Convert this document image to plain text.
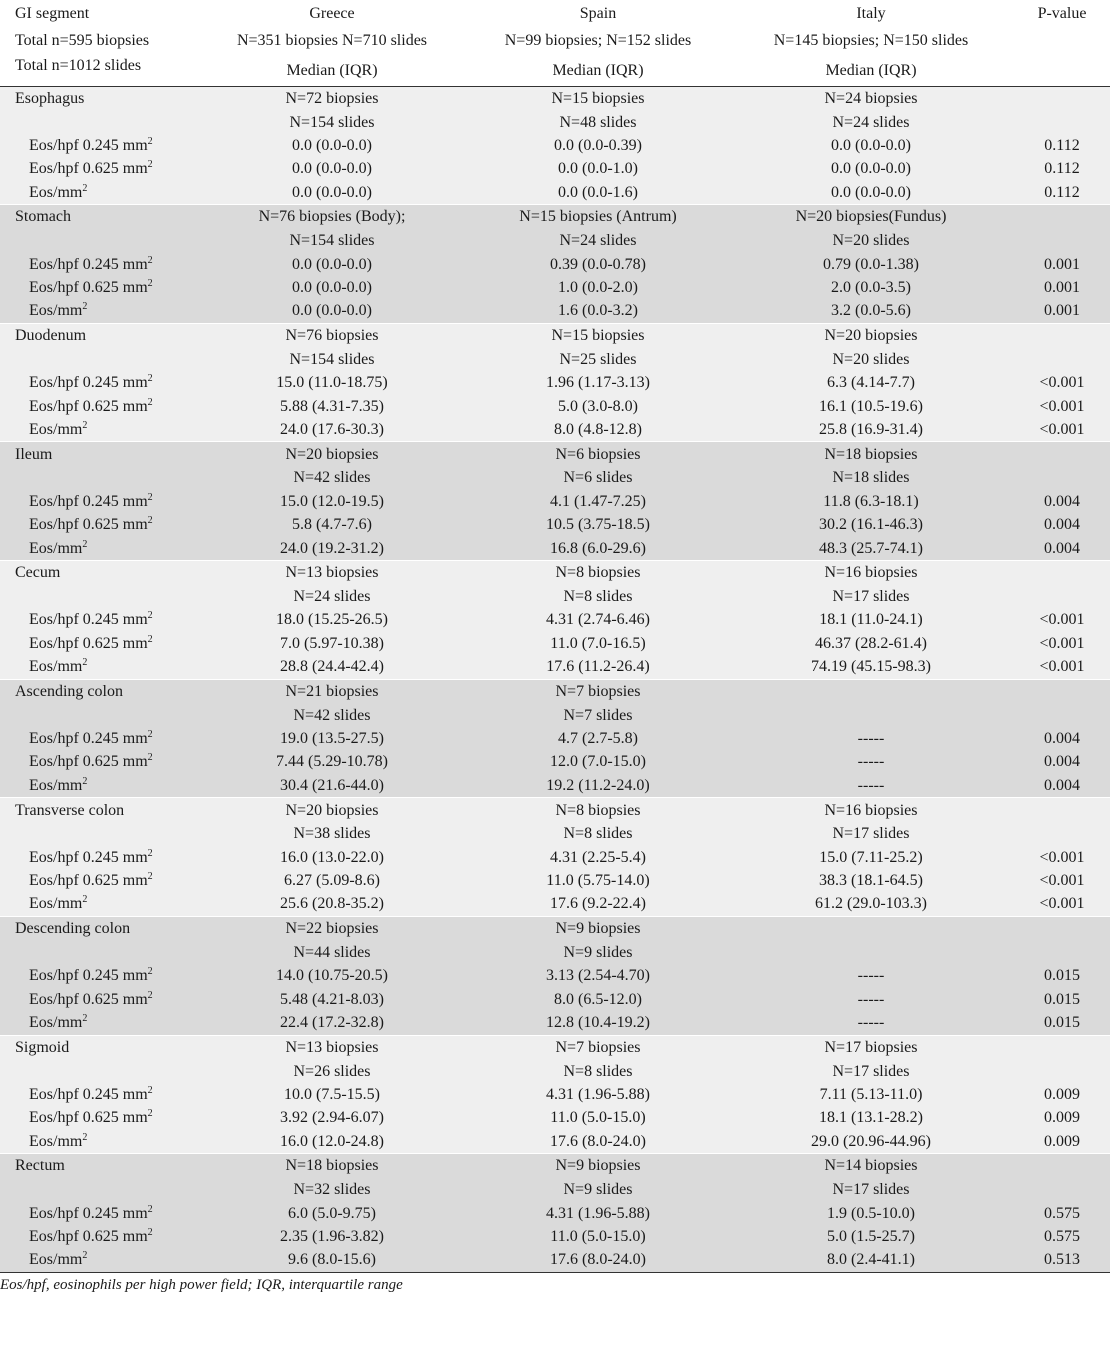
GI segment	Greece	Spain	Italy	P-value
Total n=595 biopsies	N=351 biopsies N=710 slides	N=99 biopsies; N=152 slides	N=145 biopsies; N=150 slides	
Total n=1012 slides	Median (IQR)	Median (IQR)	Median (IQR)	
Esophagus	N=72 biopsies	N=15 biopsies	N=24 biopsies	
	N=154 slides	N=48 slides	N=24 slides	
Eos/hpf 0.245 $mm^2$	0.0 (0.0-0.0)	0.0 (0.0-0.39)	0.0 (0.0-0.0)	0.112
Eos/hpf 0.625 $mm^2$	0.0 (0.0-0.0)	0.0 (0.0-1.0)	0.0 (0.0-0.0)	0.112
Eos/$mm^2$	0.0 (0.0-0.0)	0.0 (0.0-1.6)	0.0 (0.0-0.0)	0.112

Stomach	N=76 biopsies (Body);	N=15 biopsies (Antrum)	N=20 biopsies(Fundus)	
	N=154 slides	N=24 slides	N=20 slides	
Eos/hpf 0.245 $mm^2$	0.0 (0.0-0.0)	0.39 (0.0-0.78)	0.79 (0.0-1.38)	0.001
Eos/hpf 0.625 $mm^2$	0.0 (0.0-0.0)	1.0 (0.0-2.0)	2.0 (0.0-3.5)	0.001
Eos/$mm^2$	0.0 (0.0-0.0)	1.6 (0.0-3.2)	3.2 (0.0-5.6)	0.001

Duodenum	N=76 biopsies	N=15 biopsies	N=20 biopsies	
	N=154 slides	N=25 slides	N=20 slides	
Eos/hpf 0.245 $mm^2$	15.0 (11.0-18.75)	1.96 (1.17-3.13)	6.3 (4.14-7.7)	<0.001
Eos/hpf 0.625 $mm^2$	5.88 (4.31-7.35)	5.0 (3.0-8.0)	16.1 (10.5-19.6)	<0.001
Eos/$mm^2$	24.0 (17.6-30.3)	8.0 (4.8-12.8)	25.8 (16.9-31.4)	<0.001

Ileum	N=20 biopsies	N=6 biopsies	N=18 biopsies	
	N=42 slides	N=6 slides	N=18 slides	
Eos/hpf 0.245 $mm^2$	15.0 (12.0-19.5)	4.1 (1.47-7.25)	11.8 (6.3-18.1)	0.004
Eos/hpf 0.625 $mm^2$	5.8 (4.7-7.6)	10.5 (3.75-18.5)	30.2 (16.1-46.3)	0.004
Eos/$mm^2$	24.0 (19.2-31.2)	16.8 (6.0-29.6)	48.3 (25.7-74.1)	0.004

Cecum	N=13 biopsies	N=8 biopsies	N=16 biopsies	
	N=24 slides	N=8 slides	N=17 slides	
Eos/hpf 0.245 $mm^2$	18.0 (15.25-26.5)	4.31 (2.74-6.46)	18.1 (11.0-24.1)	<0.001
Eos/hpf 0.625 $mm^2$	7.0 (5.97-10.38)	11.0 (7.0-16.5)	46.37 (28.2-61.4)	<0.001
Eos/$mm^2$	28.8 (24.4-42.4)	17.6 (11.2-26.4)	74.19 (45.15-98.3)	<0.001

Ascending colon	N=21 biopsies	N=7 biopsies		
	N=42 slides	N=7 slides		
Eos/hpf 0.245 $mm^2$	19.0 (13.5-27.5)	4.7 (2.7-5.8)	-----	0.004
Eos/hpf 0.625 $mm^2$	7.44 (5.29-10.78)	12.0 (7.0-15.0)	-----	0.004
Eos/$mm^2$	30.4 (21.6-44.0)	19.2 (11.2-24.0)	-----	0.004

Transverse colon	N=20 biopsies	N=8 biopsies	N=16 biopsies	
	N=38 slides	N=8 slides	N=17 slides	
Eos/hpf 0.245 $mm^2$	16.0 (13.0-22.0)	4.31 (2.25-5.4)	15.0 (7.11-25.2)	<0.001
Eos/hpf 0.625 $mm^2$	6.27 (5.09-8.6)	11.0 (5.75-14.0)	38.3 (18.1-64.5)	<0.001
Eos/$mm^2$	25.6 (20.8-35.2)	17.6 (9.2-22.4)	61.2 (29.0-103.3)	<0.001

Descending colon	N=22 biopsies	N=9 biopsies		
	N=44 slides	N=9 slides		
Eos/hpf 0.245 $mm^2$	14.0 (10.75-20.5)	3.13 (2.54-4.70)	-----	0.015
Eos/hpf 0.625 $mm^2$	5.48 (4.21-8.03)	8.0 (6.5-12.0)	-----	0.015
Eos/$mm^2$	22.4 (17.2-32.8)	12.8 (10.4-19.2)	-----	0.015

Sigmoid	N=13 biopsies	N=7 biopsies	N=17 biopsies	
	N=26 slides	N=8 slides	N=17 slides	
Eos/hpf 0.245 $mm^2$	10.0 (7.5-15.5)	4.31 (1.96-5.88)	7.11 (5.13-11.0)	0.009
Eos/hpf 0.625 $mm^2$	3.92 (2.94-6.07)	11.0 (5.0-15.0)	18.1 (13.1-28.2)	0.009
Eos/$mm^2$	16.0 (12.0-24.8)	17.6 (8.0-24.0)	29.0 (20.96-44.96)	0.009

Rectum	N=18 biopsies	N=9 biopsies	N=14 biopsies	
	N=32 slides	N=9 slides	N=17 slides	
Eos/hpf 0.245 $mm^2$	6.0 (5.0-9.75)	4.31 (1.96-5.88)	1.9 (0.5-10.0)	0.575
Eos/hpf 0.625 $mm^2$	2.35 (1.96-3.82)	11.0 (5.0-15.0)	5.0 (1.5-25.7)	0.575
Eos/$mm^2$	9.6 (8.0-15.6)	17.6 (8.0-24.0)	8.0 (2.4-41.1)	0.513
Eos/hpf, eosinophils per high power field; IQR, interquartile range
